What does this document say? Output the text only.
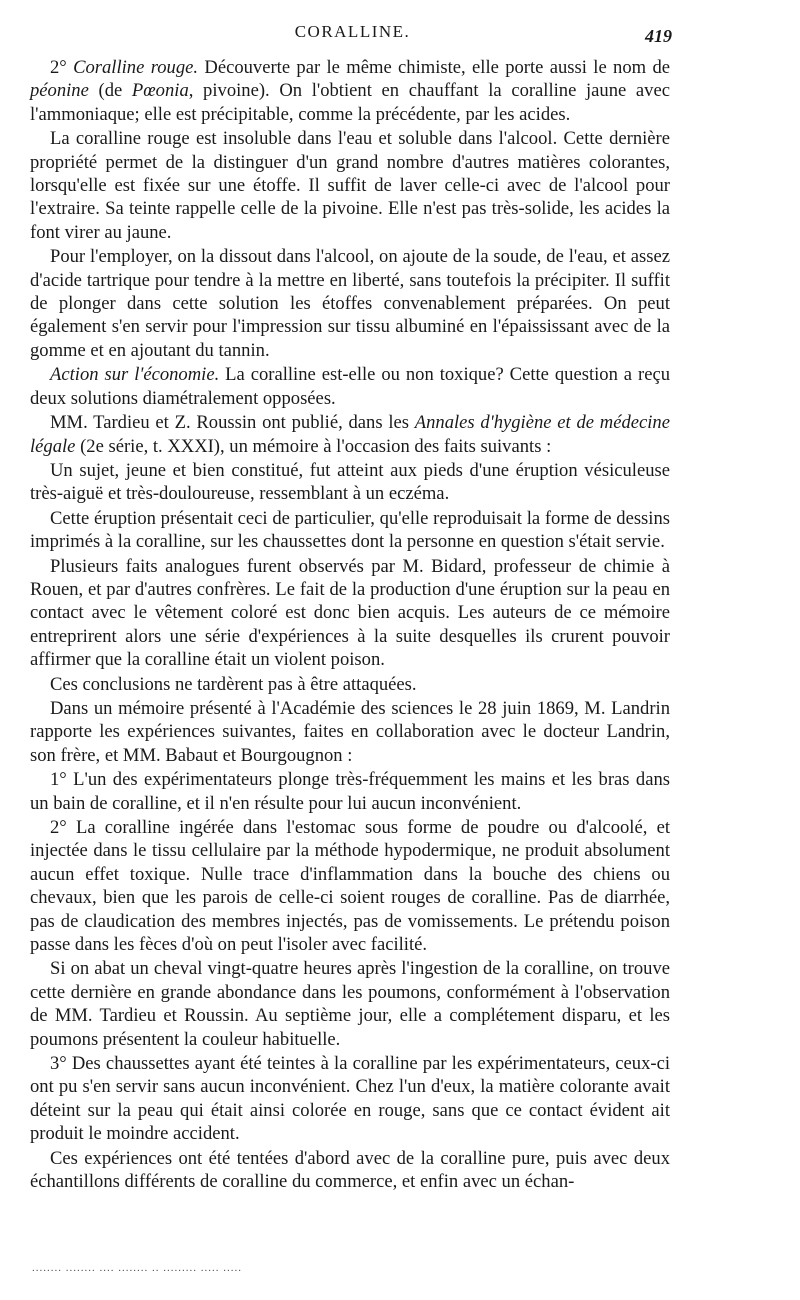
CORALLINE.	419

2° Coralline rouge. Découverte par le même chimiste, elle porte aussi le nom de péonine (de Pœonia, pivoine). On l'obtient en chauffant la coralline jaune avec l'ammoniaque; elle est précipitable, comme la précédente, par les acides.

La coralline rouge est insoluble dans l'eau et soluble dans l'alcool. Cette dernière propriété permet de la distinguer d'un grand nombre d'autres matières colorantes, lorsqu'elle est fixée sur une étoffe. Il suffit de laver celle-ci avec de l'alcool pour l'extraire. Sa teinte rappelle celle de la pivoine. Elle n'est pas très-solide, les acides la font virer au jaune.

Pour l'employer, on la dissout dans l'alcool, on ajoute de la soude, de l'eau, et assez d'acide tartrique pour tendre à la mettre en liberté, sans toutefois la précipiter. Il suffit de plonger dans cette solution les étoffes convenablement préparées. On peut également s'en servir pour l'impression sur tissu albuminé en l'épaississant avec de la gomme et en ajoutant du tannin.

Action sur l'économie. La coralline est-elle ou non toxique? Cette question a reçu deux solutions diamétralement opposées.

MM. Tardieu et Z. Roussin ont publié, dans les Annales d'hygiène et de médecine légale (2e série, t. XXXI), un mémoire à l'occasion des faits suivants :

Un sujet, jeune et bien constitué, fut atteint aux pieds d'une éruption vésiculeuse très-aiguë et très-douloureuse, ressemblant à un eczéma.

Cette éruption présentait ceci de particulier, qu'elle reproduisait la forme de dessins imprimés à la coralline, sur les chaussettes dont la personne en question s'était servie.

Plusieurs faits analogues furent observés par M. Bidard, professeur de chimie à Rouen, et par d'autres confrères. Le fait de la production d'une éruption sur la peau en contact avec le vêtement coloré est donc bien acquis. Les auteurs de ce mémoire entreprirent alors une série d'expériences à la suite desquelles ils crurent pouvoir affirmer que la coralline était un violent poison.

Ces conclusions ne tardèrent pas à être attaquées.

Dans un mémoire présenté à l'Académie des sciences le 28 juin 1869, M. Landrin rapporte les expériences suivantes, faites en collaboration avec le docteur Landrin, son frère, et MM. Babaut et Bourgougnon :

1° L'un des expérimentateurs plonge très-fréquemment les mains et les bras dans un bain de coralline, et il n'en résulte pour lui aucun inconvénient.

2° La coralline ingérée dans l'estomac sous forme de poudre ou d'alcoolé, et injectée dans le tissu cellulaire par la méthode hypodermique, ne produit absolument aucun effet toxique. Nulle trace d'inflammation dans la bouche des chiens ou chevaux, bien que les parois de celle-ci soient rouges de coralline. Pas de diarrhée, pas de claudication des membres injectés, pas de vomissements. Le prétendu poison passe dans les fèces d'où on peut l'isoler avec facilité.

Si on abat un cheval vingt-quatre heures après l'ingestion de la coralline, on trouve cette dernière en grande abondance dans les poumons, conformément à l'observation de MM. Tardieu et Roussin. Au septième jour, elle a complétement disparu, et les poumons présentent la couleur habituelle.

3° Des chaussettes ayant été teintes à la coralline par les expérimentateurs, ceux-ci ont pu s'en servir sans aucun inconvénient. Chez l'un d'eux, la matière colorante avait déteint sur la peau qui était ainsi colorée en rouge, sans que ce contact évident ait produit le moindre accident.

Ces expériences ont été tentées d'abord avec de la coralline pure, puis avec deux échantillons différents de coralline du commerce, et enfin avec un échan-

........ ........ .... ........ .. ......... ..... .....
